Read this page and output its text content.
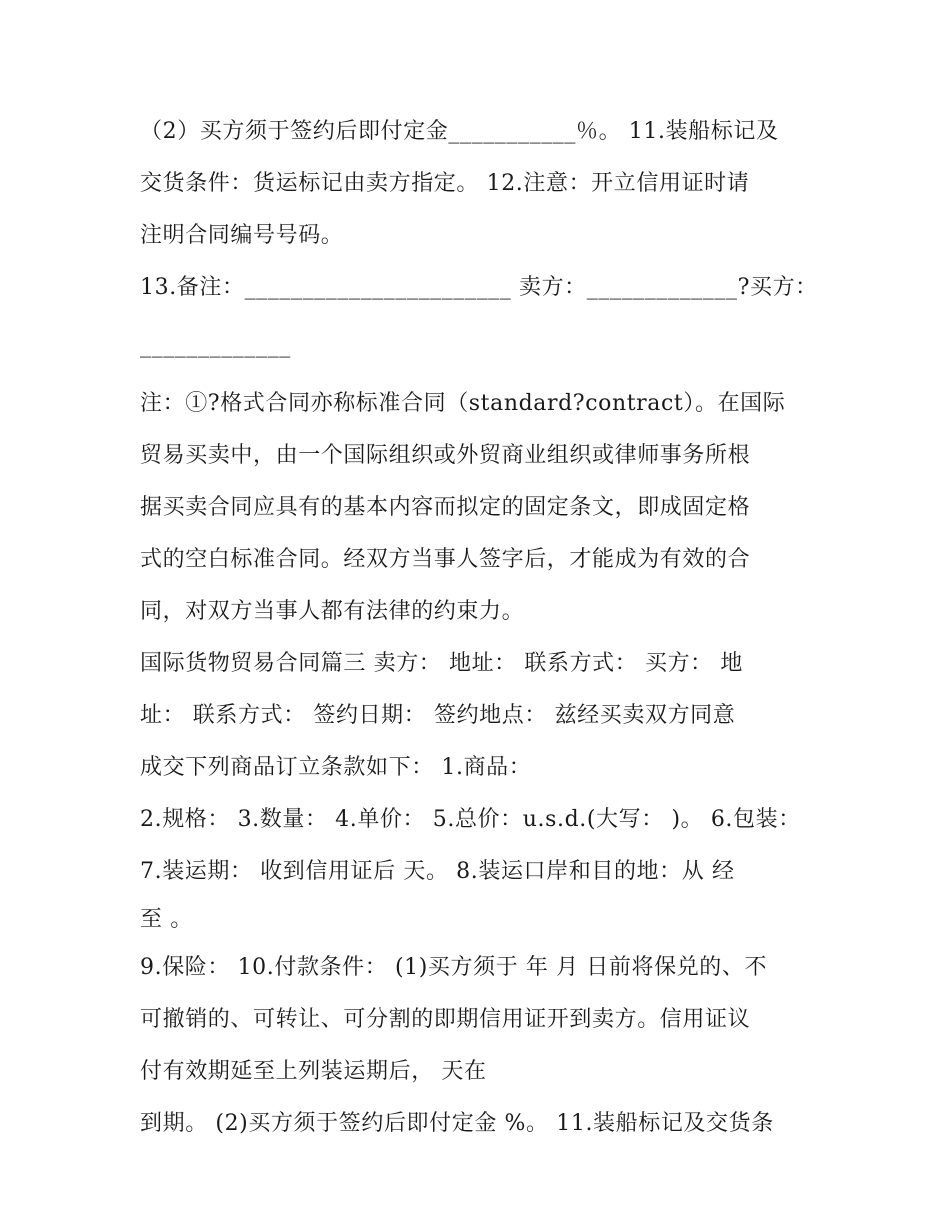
（2）买方须于签约后即付定金___________％。 11.装船标记及
交货条件：货运标记由卖方指定。 12.注意：开立信用证时请
注明合同编号号码。
13.备注：_______________________ 卖方：_____________?买方：
_____________
注：①?格式合同亦称标准合同（standard?contract）。在国际
贸易买卖中，由一个国际组织或外贸商业组织或律师事务所根
据买卖合同应具有的基本内容而拟定的固定条文，即成固定格
式的空白标准合同。经双方当事人签字后，才能成为有效的合
同，对双方当事人都有法律的约束力。
国际货物贸易合同篇三 卖方： 地址： 联系方式： 买方： 地
址： 联系方式： 签约日期： 签约地点： 兹经买卖双方同意
成交下列商品订立条款如下： 1.商品：
2.规格： 3.数量： 4.单价： 5.总价：u.s.d.(大写： )。 6.包装：
7.装运期： 收到信用证后 天。 8.装运口岸和目的地：从 经
至 。
9.保险： 10.付款条件： (1)买方须于 年 月 日前将保兑的、不
可撤销的、可转让、可分割的即期信用证开到卖方。信用证议
付有效期延至上列装运期后， 天在
到期。 (2)买方须于签约后即付定金 %。 11.装船标记及交货条
